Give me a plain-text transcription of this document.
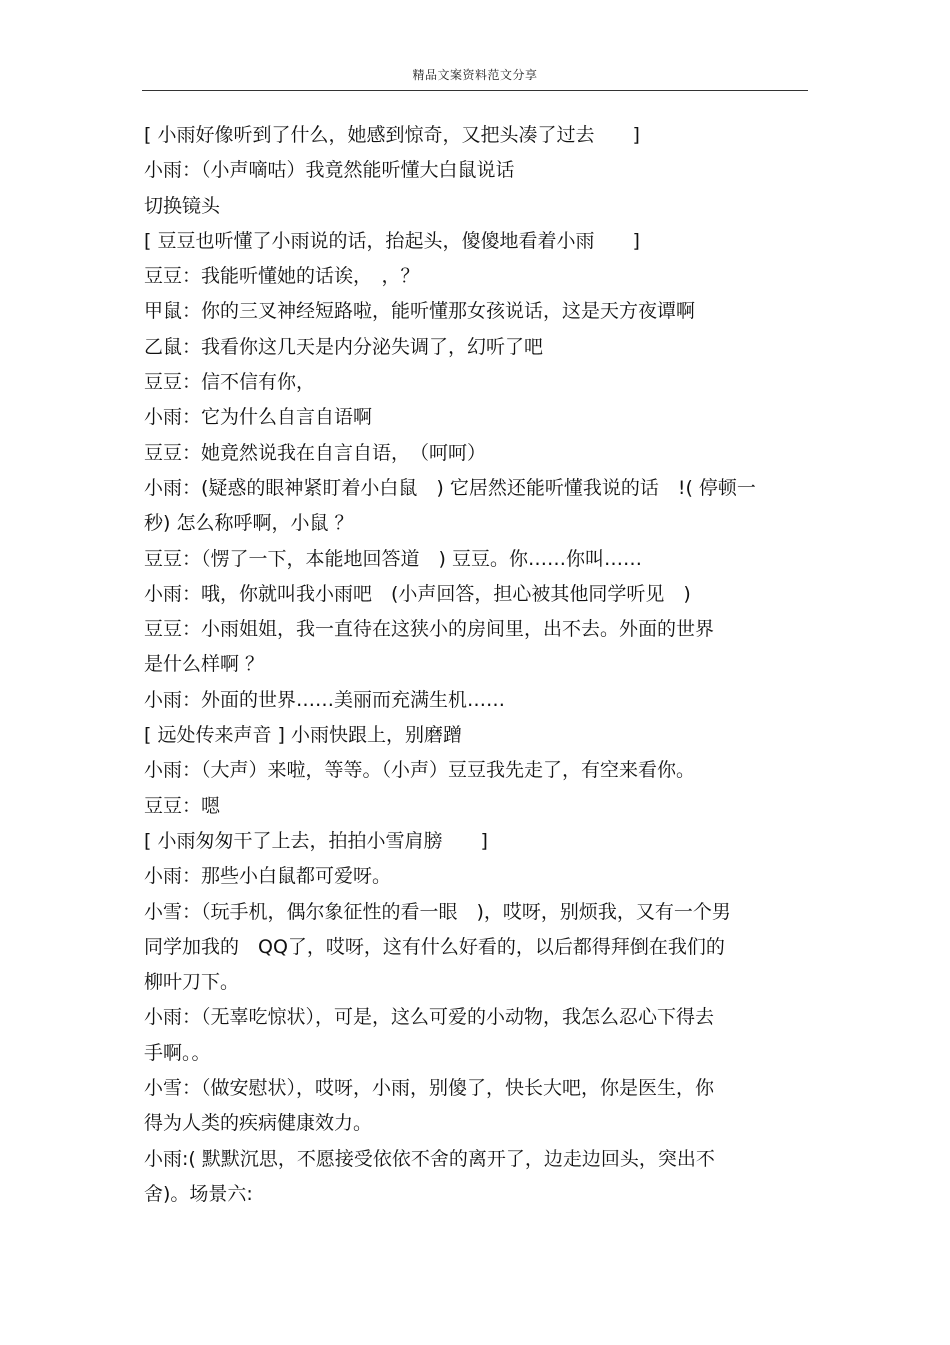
精品文案资料范文分享
[ 小雨好像听到了什么，她感到惊奇，又把头凑了过去　　]
小雨：（小声嘀咕）我竟然能听懂大白鼠说话
切换镜头
[ 豆豆也听懂了小雨说的话，抬起头，傻傻地看着小雨　　]
豆豆：我能听懂她的话诶，　，？
甲鼠：你的三叉神经短路啦，能听懂那女孩说话，这是天方夜谭啊
乙鼠：我看你这几天是内分泌失调了，幻听了吧
豆豆：信不信有你，
小雨：它为什么自言自语啊
豆豆：她竟然说我在自言自语，　（呵呵）
小雨：(疑惑的眼神紧盯着小白鼠　) 它居然还能听懂我说的话　!( 停顿一
秒) 怎么称呼啊，小鼠 ？
豆豆：（愣了一下，本能地回答道　) 豆豆。你……你叫……
小雨：哦，你就叫我小雨吧　(小声回答，担心被其他同学听见　)
豆豆：小雨姐姐，我一直待在这狭小的房间里，出不去。外面的世界
是什么样啊 ？
小雨：外面的世界……美丽而充满生机……
[ 远处传来声音 ] 小雨快跟上，别磨蹭
小雨：（大声）来啦，等等。（小声）豆豆我先走了，有空来看你。
豆豆：嗯
[ 小雨匆匆干了上去，拍拍小雪肩膀　　]
小雨：那些小白鼠都可爱呀。
小雪：（玩手机，偶尔象征性的看一眼　)，哎呀，别烦我，又有一个男
同学加我的　QQ了，哎呀，这有什么好看的，以后都得拜倒在我们的
柳叶刀下。
小雨：（无辜吃惊状），可是，这么可爱的小动物，我怎么忍心下得去
手啊。。
小雪：（做安慰状），哎呀，小雨，别傻了，快长大吧，你是医生，你
得为人类的疾病健康效力。
小雨:( 默默沉思，不愿接受依依不舍的离开了，边走边回头，突出不
舍)。场景六:
